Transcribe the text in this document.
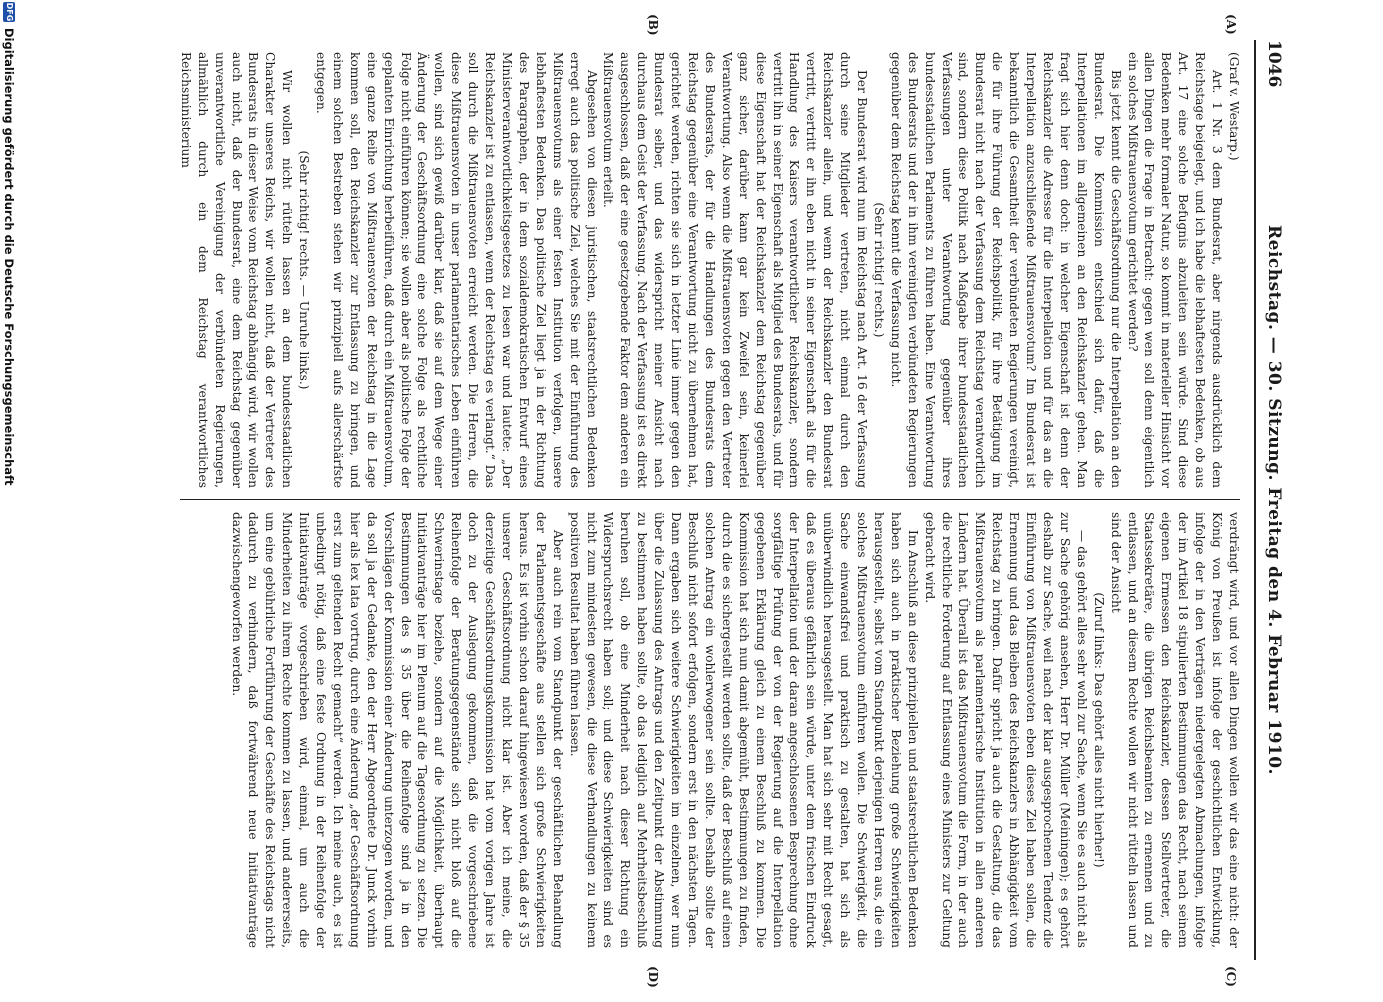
1046
Reichstag. — 30. Sitzung. Freitag den 4. Februar 1910.
(A)
(B)
(C)
(D)

(Graf v. Westarp.)

Art. 1 Nr. 3 dem Bundesrat, aber nirgends ausdrücklich dem Reichstage beigelegt, und ich habe die lebhaftesten Bedenken, ob aus Art. 17 eine solche Befugnis abzuleiten sein würde. Sind diese Bedenken mehr formaler Natur, so kommt in materieller Hinsicht vor allen Dingen die Frage in Betracht: gegen wen soll denn eigentlich ein solches Mißtrauensvotum gerichtet werden?

Bis jetzt kennt die Geschäftsordnung nur die Interpellation an den Bundesrat. Die Kommission entschied sich dafür, daß die Interpellationen im allgemeinen an den Reichskanzler gehen. Man fragt sich hier denn doch: in welcher Eigenschaft ist denn der Reichskanzler die Adresse für die Interpellation und für das an die Interpellation anzuschließende Mißtrauensvotum? Im Bundesrat ist bekanntlich die Gesamtheit der verbündeten Regierungen vereinigt, die für ihre Führung der Reichspolitik, für ihre Betätigung im Bundesrat nicht nach der Verfassung dem Reichstag verantwortlich sind, sondern diese Politik nach Maßgabe ihrer bundesstaatlichen Verfassungen unter Verantwortung gegenüber ihres bundesstaatlichen Parlaments zu führen haben. Eine Verantwortung des Bundesrats und der in ihm vereinigten verbündeten Regierungen gegenüber dem Reichstag kennt die Verfassung nicht.

(Sehr richtig! rechts.)

Der Bundesrat wird nun im Reichstag nach Art. 16 der Verfassung durch seine Mitglieder vertreten, nicht einmal durch den Reichskanzler allein, und wenn der Reichskanzler den Bundesrat vertritt, vertritt er ihn eben nicht in seiner Eigenschaft als für die Handlung des Kaisers verantwortlicher Reichskanzler, sondern vertritt ihn in seiner Eigenschaft als Mitglied des Bundesrats, und für diese Eigenschaft hat der Reichskanzler dem Reichstag gegenüber ganz sicher, darüber kann gar kein Zweifel sein, keinerlei Verantwortung. Also wenn die Mißtrauensvoten gegen den Vertreter des Bundesrats, der für die Handlungen des Bundesrats dem Reichstag gegenüber eine Verantwortung nicht zu übernehmen hat, gerichtet werden, richten sie sich in letzter Linie immer gegen den Bundesrat selber, und das widerspricht meiner Ansicht nach durchaus dem Geist der Verfassung. Nach der Verfassung ist es direkt ausgeschlossen, daß der eine gesetzgebende Faktor dem anderen ein Mißtrauensvotum erteilt.

Abgesehen von diesen juristischen, staatsrechtlichen Bedenken erregt auch das politische Ziel, welches Sie mit der Einführung des Mißtrauensvotums als einer festen Institution verfolgen, unsere lebhaftesten Bedenken. Das politische Ziel liegt ja in der Richtung des Paragraphen, der in dem sozialdemokratischen Entwurf eines Ministerverantwortlichkeitsgesetzes zu lesen war und lautete: „Der Reichskanzler ist zu entlassen, wenn der Reichstag es verlangt.“ Das soll durch die Mißtrauensvoten erreicht werden. Die Herren, die diese Mißtrauensvoten in unser parlamentarisches Leben einführen wollen, sind sich gewiß darüber klar, daß sie auf dem Wege einer Änderung der Geschäftsordnung eine solche Folge als rechtliche Folge nicht einführen können; sie wollen aber als politische Folge der geplanten Einrichtung herbeiführen, daß durch ein Mißtrauensvotum, eine ganze Reihe von Mißtrauensvoten der Reichstag in die Lage kommen soll, den Reichskanzler zur Entlassung zu bringen, und einem solchen Bestreben stehen wir prinzipiell aufs allerschärfste entgegen.

(Sehr richtig! rechts. — Unruhe links.)

Wir wollen nicht rütteln lassen an dem bundesstaatlichen Charakter unseres Reichs, wir wollen nicht, daß der Vertreter des Bundesrats in dieser Weise vom Reichstag abhängig wird, wir wollen auch nicht, daß der Bundesrat, eine dem Reichstag gegenüber unverantwortliche Vereinigung der verbündeten Regierungen, allmählich durch ein dem Reichstag verantwortliches Reichsministerium

verdrängt wird, und vor allen Dingen wollen wir das eine nicht: der König von Preußen ist infolge der geschichtlichen Entwicklung, infolge der in den Verträgen niedergelegten Abmachungen, infolge der im Artikel 18 stipulierten Bestimmungen das Recht, nach seinem eigenen Ermessen den Reichskanzler, dessen Stellvertreter, die Staatssekretäre, die übrigen Reichsbeamten zu ernennen und zu entlassen, und an diesem Rechte wollen wir nicht rütteln lassen und sind der Ansicht

(Zuruf links: Das gehört alles nicht hierher!)

— das gehört alles sehr wohl zur Sache, wenn Sie es auch nicht als zur Sache gehörig ansehen, Herr Dr. Müller (Meiningen); es gehört deshalb zur Sache, weil nach der klar ausgesprochenen Tendenz die Einführung von Mißtrauensvoten eben dieses Ziel haben sollen, die Ernennung und das Bleiben des Reichskanzlers in Abhängigkeit vom Reichstag zu bringen. Dafür spricht ja auch die Gestaltung, die das Mißtrauensvotum als parlamentarische Institution in allen anderen Ländern hat. Überall ist das Mißtrauensvotum die Form, in der auch die rechtliche Forderung auf Entlassung eines Ministers zur Geltung gebracht wird.

Im Anschluß an diese prinzipiellen und staatsrechtlichen Bedenken haben sich auch in praktischer Beziehung große Schwierigkeiten herausgestellt, selbst vom Standpunkt derjenigen Herren aus, die ein solches Mißtrauensvotum einführen wollen. Die Schwierigkeit, die Sache einwandsfrei und praktisch zu gestalten, hat sich als unüberwindlich herausgestellt. Man hat sich sehr mit Recht gesagt, daß es überaus gefährlich sein würde, unter dem frischen Eindruck der Interpellation und der daran angeschlossenen Besprechung ohne sorgfältige Prüfung der von der Regierung auf die Interpellation gegebenen Erklärung gleich zu einem Beschluß zu kommen. Die Kommission hat sich nun damit abgemüht, Bestimmungen zu finden, durch die es sichergestellt werden sollte, daß der Beschluß auf einen solchen Antrag ein wohlerwogener sein sollte. Deshalb sollte der Beschluß nicht sofort erfolgen, sondern erst in den nächsten Tagen. Dann ergaben sich weitere Schwierigkeiten im einzelnen, wer nun über die Zulassung des Antrags und den Zeitpunkt der Abstimmung zu bestimmen haben sollte, ob das lediglich auf Mehrheitsbeschluß beruhen soll, ob eine Minderheit nach dieser Richtung ein Widerspruchsrecht haben soll; und diese Schwierigkeiten sind es nicht zum mindesten gewesen, die diese Verhandlungen zu keinem positiven Resultat haben führen lassen.

Aber auch rein vom Standpunkt der geschäftlichen Behandlung der Parlamentsgeschäfte aus stellen sich große Schwierigkeiten heraus. Es ist vorhin schon darauf hingewiesen worden, daß der § 35 unserer Geschäftsordnung nicht klar ist. Aber ich meine, die derzeitige Geschäftsordnungskommission hat vom vorigen Jahre ist doch zu der Auslegung gekommen, daß die vorgeschriebene Reihenfolge der Beratungsgegenstände sich nicht bloß auf die Schwerinstage beziehe, sondern auf die Möglichkeit, überhaupt Initiativanträge hier im Plenum auf die Tagesordnung zu setzen. Die Bestimmungen des § 35 über die Reihenfolge sind ja in den Vorschlägen der Kommission einer Änderung unterzogen worden, und da soll ja der Gedanke, den der Herr Abgeordnete Dr. Junck vorhin hier als lex lata vortrug, durch eine Änderung „der Geschäftsordnung erst zum geltenden Recht gemacht“ werden. Ich meine auch, es ist unbedingt nötig, daß eine feste Ordnung in der Reihenfolge der Initiativanträge vorgeschrieben wird, einmal, um auch die Minderheiten zu ihrem Rechte kommen zu lassen, und andererseits, um eine gebührliche Fortführung der Geschäfte des Reichstags nicht dadurch zu verhindern, daß fortwährend neue Initiativanträge dazwischengeworfen werden.

DFG
Digitalisierung gefördert durch die Deutsche Forschungsgemeinschaft
